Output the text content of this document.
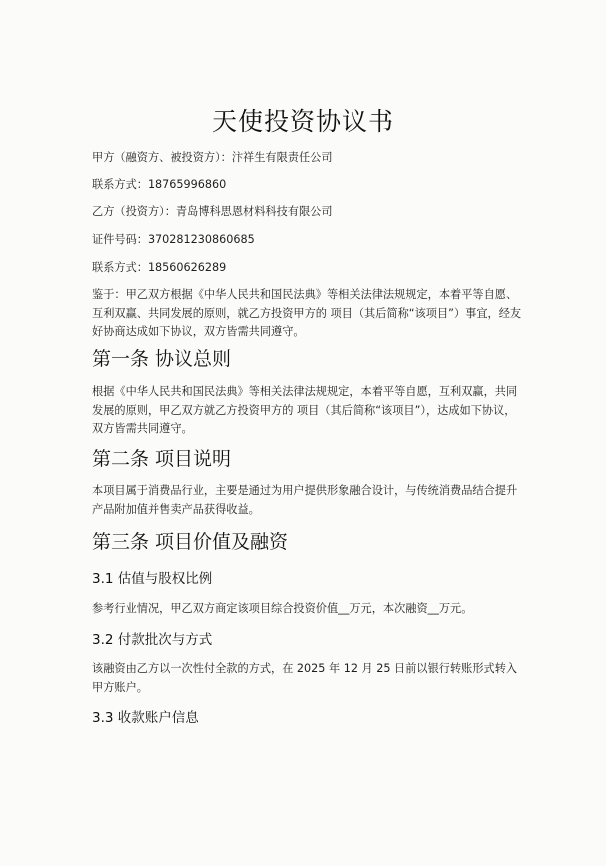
天使投资协议书
甲方（融资方、被投资方）：汴祥生有限责任公司
联系方式：18765996860
乙方（投资方）：青岛博科思恩材料科技有限公司
证件号码：370281230860685
联系方式：18560626289
鉴于：甲乙双方根据《中华人民共和国民法典》等相关法律法规规定，本着平等自愿、互利双赢、共同发展的原则，就乙方投资甲方的 项目（其后简称“该项目”）事宜，经友好协商达成如下协议，双方皆需共同遵守。
第一条 协议总则
根据《中华人民共和国民法典》等相关法律法规规定，本着平等自愿，互利双赢，共同发展的原则，甲乙双方就乙方投资甲方的 项目（其后简称“该项目”），达成如下协议，双方皆需共同遵守。
第二条 项目说明
本项目属于消费品行业，主要是通过为用户提供形象融合设计，与传统消费品结合提升产品附加值并售卖产品获得收益。
第三条 项目价值及融资
3.1 估值与股权比例
参考行业情况，甲乙双方商定该项目综合投资价值__万元，本次融资__万元。
3.2 付款批次与方式
该融资由乙方以一次性付全款的方式，在 2025 年 12 月 25 日前以银行转账形式转入甲方账户。
3.3 收款账户信息
